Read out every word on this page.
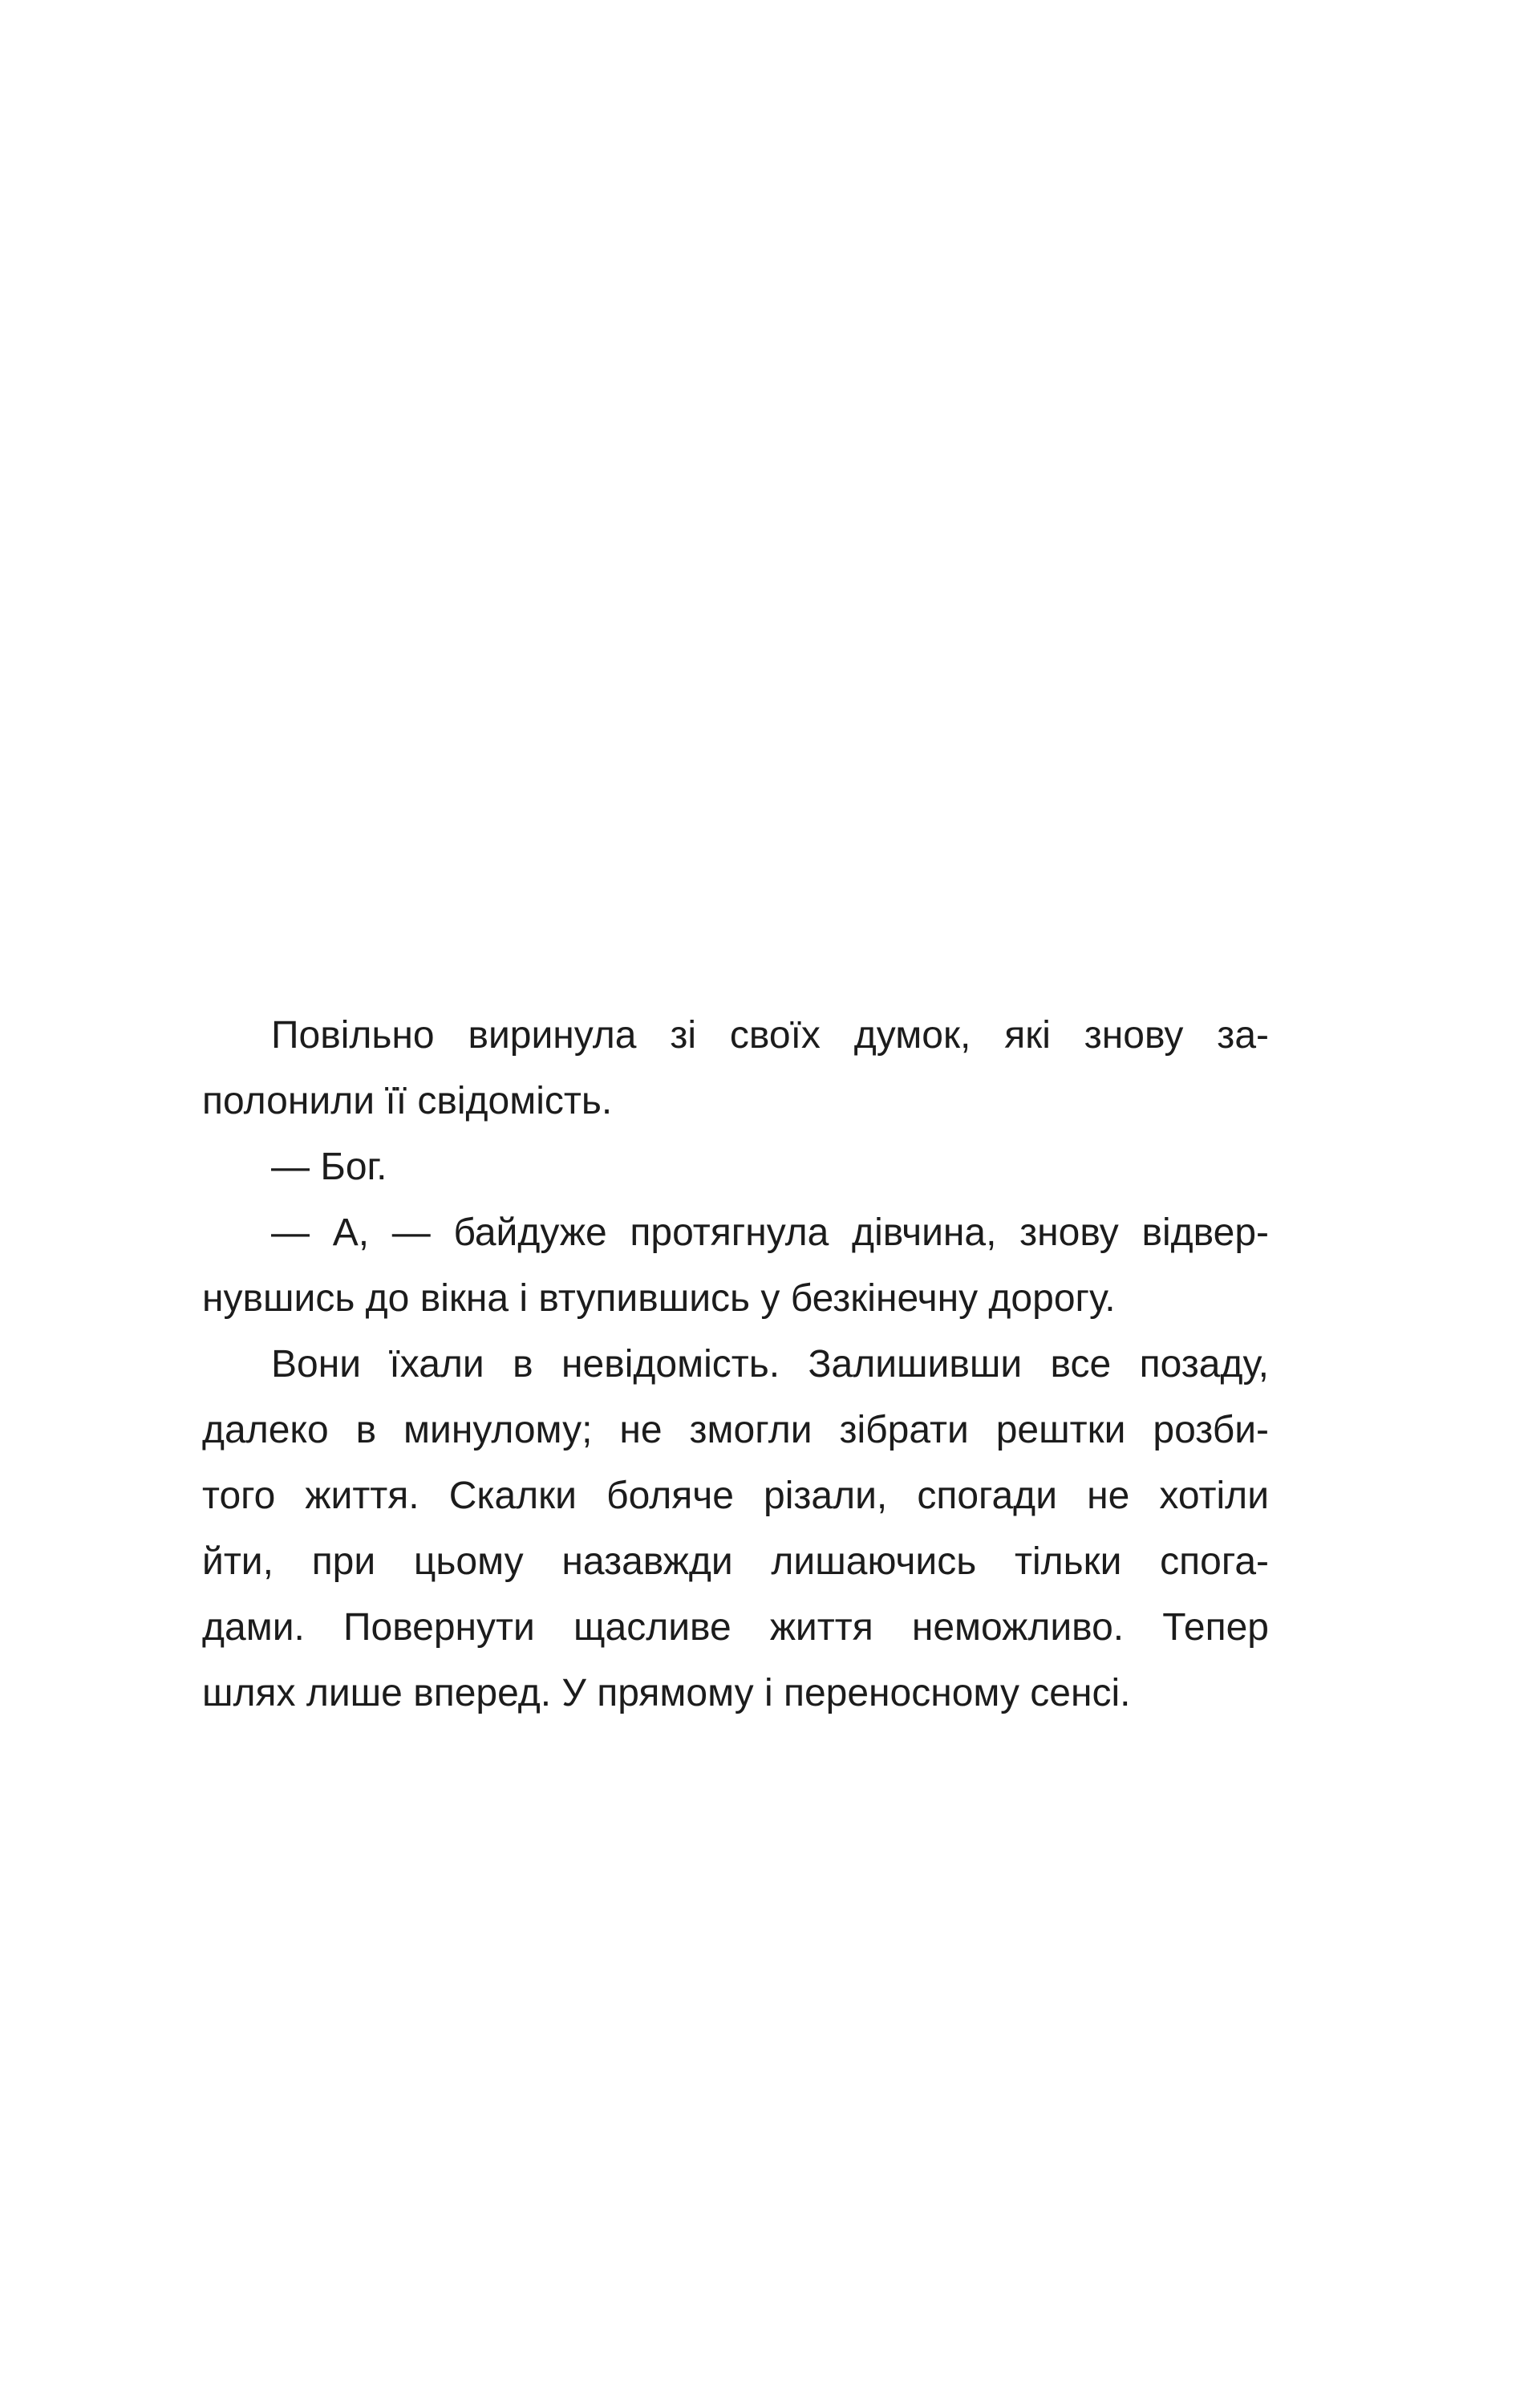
Повільно виринула зі своїх думок, які знову за-
полонили її свідомість.
— Бог.
— А, — байдуже протягнула дівчина, знову відвер-
нувшись до вікна і втупившись у безкінечну дорогу.
Вони їхали в невідомість. Залишивши все позаду,
далеко в минулому; не змогли зібрати рештки розби-
того життя. Скалки боляче різали, спогади не хотіли
йти, при цьому назавжди лишаючись тільки спога-
дами. Повернути щасливе життя неможливо. Тепер
шлях лише вперед. У прямому і переносному сенсі.
